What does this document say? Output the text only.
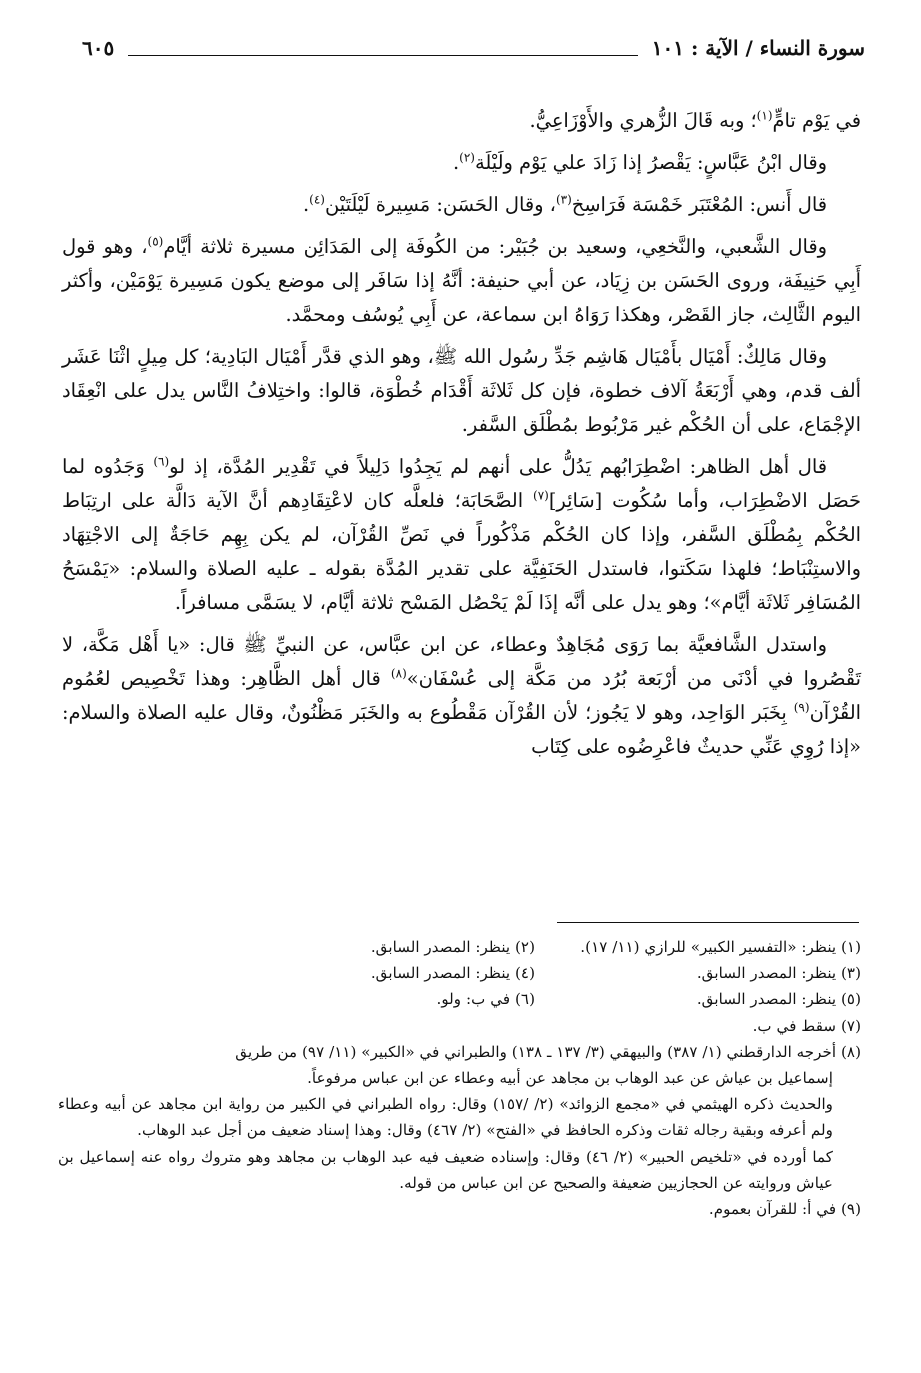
سورة النساء / الآية : ١٠١
٦٠٥

في يَوْم تامٍّ$^{(١)}$؛ وبه قَالَ الزُّهري والأَوْزَاعِيُّ.

وقال ابْنُ عَبَّاسٍ: يَقْصرُ إذا زَادَ علي يَوْم ولَيْلَة$^{(٢)}$.

قال أَنس: المُعْتَبَر خَمْسَة فَرَاسِخ$^{(٣)}$، وقال الحَسَن: مَسِيرة لَيْلَتَيْن$^{(٤)}$.

وقال الشَّعبي، والنَّخعِي، وسعيد بن جُبَيْر: من الكُوفَة إلى المَدَائِن مسيرة ثلاثة أيَّام$^{(٥)}$، وهو قول أَبِي حَنِيفَة، وروى الحَسَن بن زِيَاد، عن أبي حنيفة: أنَّهُ إذا سَافَر إلى موضع يكون مَسِيرة يَوْمَيْن، وأكثر اليوم الثَّالِث، جاز القَصْر، وهكذا رَوَاهُ ابن سماعة، عن أَبِي يُوسُف ومحمَّد.

وقال مَالِكٌ: أَمْيَال بأَمْيَال هَاشِم جَدِّ رسُول الله ﷺ، وهو الذي قدَّر أَمْيَال البَادِية؛ كل مِيلٍ اثْنَا عَشَر ألف قدم، وهي أَرْبَعَةُ آلاف خطوة، فإن كل ثَلاثَة أَقْدَام خُطْوَة، قالوا: واختِلافُ النَّاس يدل على انْعِقَاد الإجْمَاع، على أن الحُكْم غير مَرْبُوط بمُطْلَق السَّفر.

قال أهل الظاهر: اضْطِرَابُهم يَدُلُّ على أنهم لم يَجِدُوا دَلِيلاً في تَقْدِير المُدَّة، إذ لو$^{(٦)}$ وَجَدُوه لما حَصَل الاضْطِرَاب، وأما سُكُوت [سَائِر]$^{(٧)}$ الصَّحَابَة؛ فلعلَّه كان لاعْتِقَادِهم أنَّ الآية دَالَّة على ارتِبَاط الحُكْم بِمُطْلَق السَّفر، وإذا كان الحُكْم مَذْكُوراً في نَصِّ القُرْآن، لم يكن بِهِم حَاجَةٌ إلى الاجْتِهَاد والاستِنْبَاط؛ فلهذا سَكَتوا، فاستدل الحَنَفِيَّة على تقدير المُدَّة بقوله ـ عليه الصلاة والسلام: «يَمْسَحُ المُسَافِر ثَلاثَة أيَّام»؛ وهو يدل على أنَّه إذَا لَمْ يَحْصُل المَسْح ثلاثة أيَّام، لا يسَمَّى مسافراً.

واستدل الشَّافعيَّة بما رَوَى مُجَاهِدٌ وعطاء، عن ابن عبَّاس، عن النبيِّ ﷺ قال: «يا أَهْل مَكَّة، لا تَقْصُروا في أدْنَى من أرْبَعة بُرُد من مَكَّة إلى عُسْفَان»$^{(٨)}$ قال أهل الظَّاهِر: وهذا تَخْصِيص لعُمُوم القُرْآن$^{(٩)}$ بِخَبَر الوَاحِد، وهو لا يَجُوز؛ لأن القُرْآن مَقْطُوع به والخَبَر مَظْنُونٌ، وقال عليه الصلاة والسلام: «إذا رُوِي عَنِّي حديثٌ فاعْرِضُوه على كِتَاب

(١) ينظر: «التفسير الكبير» للرازي (١١/ ١٧).
(٢) ينظر: المصدر السابق.
(٣) ينظر: المصدر السابق.
(٤) ينظر: المصدر السابق.
(٥) ينظر: المصدر السابق.
(٦) في ب: ولو.
(٧) سقط في ب.
(٨) أخرجه الدارقطني (١/ ٣٨٧) والبيهقي (٣/ ١٣٧ ـ ١٣٨) والطبراني في «الكبير» (١١/ ٩٧) من طريق
إسماعيل بن عياش عن عبد الوهاب بن مجاهد عن أبيه وعطاء عن ابن عباس مرفوعاً.
والحديث ذكره الهيثمي في «مجمع الزوائد» (٢/ /١٥٧) وقال: رواه الطبراني في الكبير من رواية ابن مجاهد عن أبيه وعطاء ولم أعرفه وبقية رجاله ثقات وذكره الحافظ في «الفتح» (٢/ ٤٦٧) وقال: وهذا إسناد ضعيف من أجل عبد الوهاب.
كما أورده في «تلخيص الحبير» (٢/ ٤٦) وقال: وإسناده ضعيف فيه عبد الوهاب بن مجاهد وهو متروك رواه عنه إسماعيل بن عياش وروايته عن الحجازيين ضعيفة والصحيح عن ابن عباس من قوله.
(٩) في أ: للقرآن بعموم.
